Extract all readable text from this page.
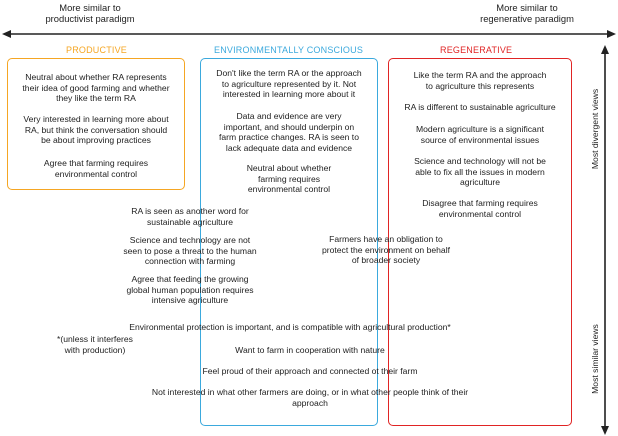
More similar to
productivist paradigm
More similar to
regenerative paradigm
Most divergent views
Most similar views
PRODUCTIVE	ENVIRONMENTALLY CONSCIOUS	REGENERATIVE
Neutral about whether RA represents
their idea of good farming and whether
they like the term RA
Very interested in learning more about
RA, but think the conversation should
be about improving practices
Agree that farming requires
environmental control
Don't like the term RA or the approach
to agriculture represented by it. Not
interested in learning more about it
Data and evidence are very
important, and should underpin on
farm practice changes. RA is seen to
lack adequate data and evidence
Neutral about whether
farming requires
environmental control
Like the term RA and the approach
to agriculture this represents
RA is different to sustainable agriculture
Modern agriculture is a significant
source of environmental issues
Science and technology will not be
able to fix all the issues in modern
agriculture
Disagree that farming requires
environmental control
RA is seen as another word for
sustainable agriculture
Science and technology are not
seen to pose a threat to the human
connection with farming
Agree that feeding the growing
global human population requires
intensive agriculture
Farmers have an obligation to
protect the environment on behalf
of broader society
Environmental protection is important, and is compatible with agricultural production*
*(unless it interferes
with production)	Want to farm in cooperation with nature
Feel proud of their approach and connected ot their farm
Not interested in what other farmers are doing, or in what other people think of their
approach
